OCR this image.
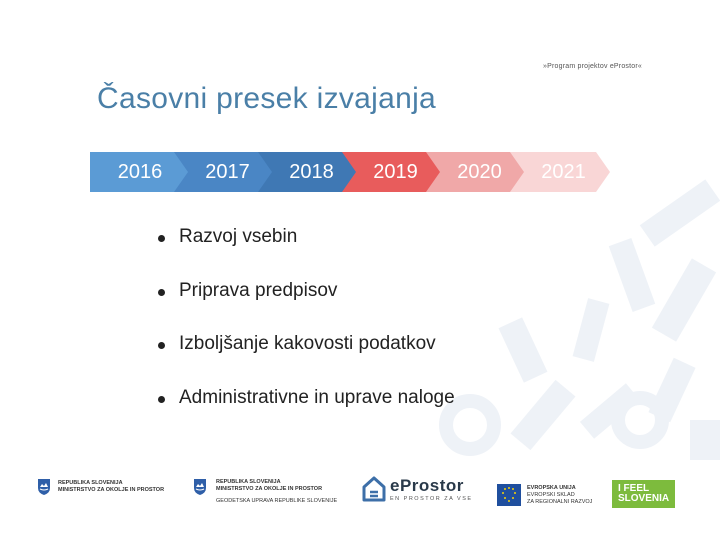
»Program projektov eProstor«
Časovni presek izvajanja
2016	2017	2018	2019	2020	2021
Razvoj vsebin
Priprava predpisov
Izboljšanje kakovosti podatkov
Administrativne in uprave naloge
REPUBLIKA SLOVENIJA
MINISTRSTVO ZA OKOLJE IN PROSTOR
REPUBLIKA SLOVENIJA
MINISTRSTVO ZA OKOLJE IN PROSTOR
GEODETSKA UPRAVA REPUBLIKE SLOVENIJE
eProstor
EN PROSTOR ZA VSE
EVROPSKA UNIJA
EVROPSKI SKLAD
ZA REGIONALNI RAZVOJ
I FEEL
SLOVENIA
